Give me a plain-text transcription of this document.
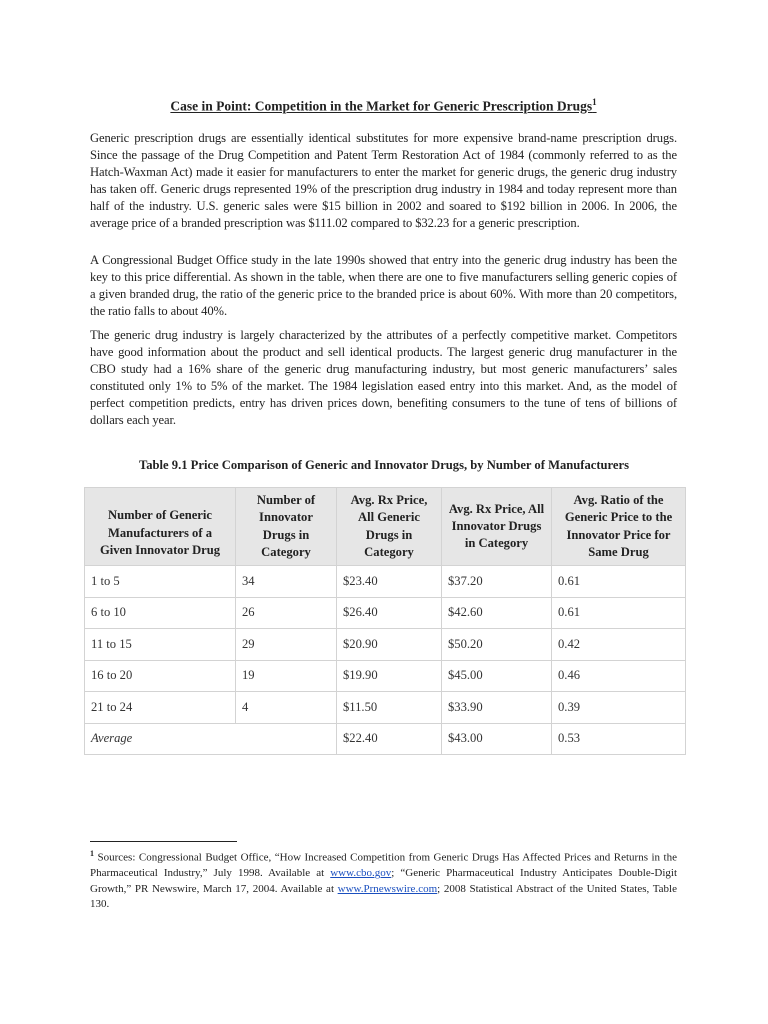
Case in Point: Competition in the Market for Generic Prescription Drugs$^1$

Generic prescription drugs are essentially identical substitutes for more expensive brand-name prescription drugs. Since the passage of the Drug Competition and Patent Term Restoration Act of 1984 (commonly referred to as the Hatch-Waxman Act) made it easier for manufacturers to enter the market for generic drugs, the generic drug industry has taken off. Generic drugs represented 19% of the prescription drug industry in 1984 and today represent more than half of the industry. U.S. generic sales were $15 billion in 2002 and soared to $192 billion in 2006. In 2006, the average price of a branded prescription was $111.02 compared to $32.23 for a generic prescription.

A Congressional Budget Office study in the late 1990s showed that entry into the generic drug industry has been the key to this price differential. As shown in the table, when there are one to five manufacturers selling generic copies of a given branded drug, the ratio of the generic price to the branded price is about 60%. With more than 20 competitors, the ratio falls to about 40%.

The generic drug industry is largely characterized by the attributes of a perfectly competitive market. Competitors have good information about the product and sell identical products. The largest generic drug manufacturer in the CBO study had a 16% share of the generic drug manufacturing industry, but most generic manufacturers’ sales constituted only 1% to 5% of the market. The 1984 legislation eased entry into this market. And, as the model of perfect competition predicts, entry has driven prices down, benefiting consumers to the tune of tens of billions of dollars each year.

Table 9.1 Price Comparison of Generic and Innovator Drugs, by Number of Manufacturers
Number of Generic Manufacturers of a Given Innovator Drug	Number of Innovator Drugs in Category	Avg. Rx Price, All Generic Drugs in Category	Avg. Rx Price, All Innovator Drugs in Category	Avg. Ratio of the Generic Price to the Innovator Price for Same Drug
1 to 5	34	$23.40	$37.20	0.61
6 to 10	26	$26.40	$42.60	0.61
11 to 15	29	$20.90	$50.20	0.42
16 to 20	19	$19.90	$45.00	0.46
21 to 24	4	$11.50	$33.90	0.39
Average		$22.40	$43.00	0.53

$^1$ Sources: Congressional Budget Office, “How Increased Competition from Generic Drugs Has Affected Prices and Returns in the Pharmaceutical Industry,” July 1998. Available at www.cbo.gov; “Generic Pharmaceutical Industry Anticipates Double-Digit Growth,” PR Newswire, March 17, 2004. Available at www.Prnewswire.com; 2008 Statistical Abstract of the United States, Table 130.
